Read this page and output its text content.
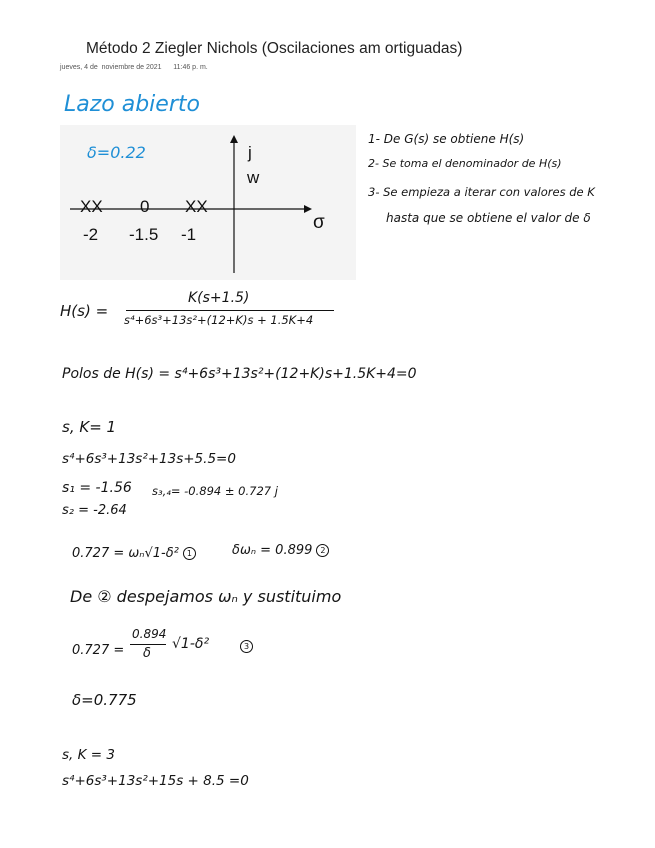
Método 2 Ziegler Nichols (Oscilaciones am ortiguadas)
jueves, 4 de  noviembre de 2021      11:46 p. m.
Lazo abierto
δ=0.22	j
w
σ
XX 0 XX
-2 -1.5 -1
1- De G(s) se obtiene H(s)
2- Se toma el denominador de H(s)
3- Se empieza a iterar con valores de K
hasta que se obtiene el valor de δ
H(s) =
K(s+1.5)
s⁴+6s³+13s²+(12+K)s + 1.5K+4
Polos de H(s) = s⁴+6s³+13s²+(12+K)s+1.5K+4=0
s, K= 1
s⁴+6s³+13s²+13s+5.5=0
s₁ = -1.56
s₂ = -2.64
s₃,₄= -0.894 ± 0.727 j
0.727 = ωₙ√1-δ² 1	δωₙ = 0.899 2
De ② despejamos ωₙ y sustituimo
0.727 =
0.894
δ
√1-δ²	3
δ=0.775
s, K = 3
s⁴+6s³+13s²+15s + 8.5 =0
